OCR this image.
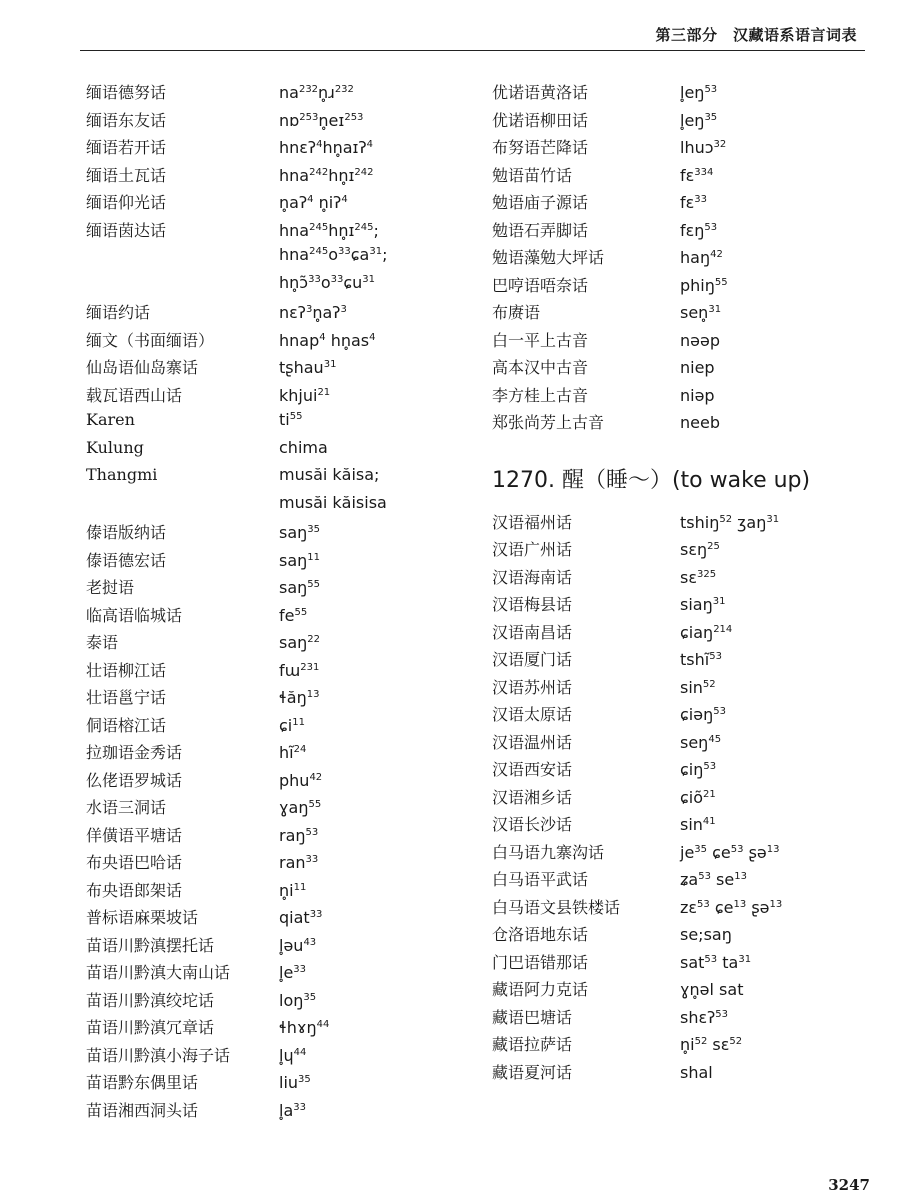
第三部分　汉藏语系语言词表
缅语德努话	$na^{232}n̥ɹ^{232}$
缅语东友话	nɒ$^{253}$n̥eɪ$^{253}$
缅语若开话	hnɛʔ$^4$hn̥aɪʔ$^4$
缅语土瓦话	hna$^{242}$hn̥ɪ$^{242}$
缅语仰光话	n̥aʔ$^4$ n̥iʔ$^4$
缅语茵达话	hna$^{245}$hn̥ɪ$^{245}$;
$hna^{245}o^{33}ɕa^{31}$;
$hn̥ɔ̃^{33}o^{33}ɕu^{31}$
缅语约话	nɛʔ$^3$n̥aʔ$^3$
缅文（书面缅语）	hnap$^4$ $hn̥as^4$
仙岛语仙岛寨话	tʂhau$^{31}$
载瓦语西山话	khjui$^{21}$
Karen	$ti^{55}$
Kulung	chima
Thangmi	musăi kăisa;
musăi kăisisa
傣语版纳话	saŋ$^{35}$
傣语德宏话	saŋ$^{11}$
老挝语	saŋ$^{55}$
临高语临城话	$fe^{55}$
泰语	saŋ$^{22}$
壮语柳江话	fɯ$^{231}$
壮语邕宁话	ɬăŋ$^{13}$
侗语榕江话	ɕi$^{11}$
拉珈语金秀话	$hĩ^{24}$
仫佬语罗城话	phu$^{42}$
水语三洞话	ɣaŋ$^{55}$
佯僙语平塘话	raŋ$^{53}$
布央语巴哈话	ran$^{33}$
布央语郎架话	$n̥i^{11}$
普标语麻栗坡话	qiat$^{33}$
苗语川黔滇摆托话	l̥əu$^{43}$
苗语川黔滇大南山话	$l̥e^{33}$
苗语川黔滇绞坨话	loŋ$^{35}$
苗语川黔滇冗章话	ɬhɤŋ$^{44}$
苗语川黔滇小海子话	l̥ɥ$^{44}$
苗语黔东偶里话	liu$^{35}$
苗语湘西洞头话	$l̥a^{33}$
优诺语黄洛话	$l̥eŋ^{53}$
优诺语柳田话	$l̥eŋ^{35}$
布努语芒降话	lhuɔ$^{32}$
勉语苗竹话	fɛ$^{334}$
勉语庙子源话	fɛ$^{33}$
勉语石弄脚话	fɛŋ$^{53}$
勉语藻勉大坪话	haŋ$^{42}$
巴哼语唔奈话	phiŋ$^{55}$
布赓语	sen̥$^{31}$
白一平上古音	nəəp
高本汉中古音	niep
李方桂上古音	niəp
郑张尚芳上古音	neeb
1270. 醒（睡～）(to wake up)
汉语福州话	tshiŋ$^{52}$ ʒaŋ$^{31}$
汉语广州话	sɛŋ$^{25}$
汉语海南话	sɛ$^{325}$
汉语梅县话	siaŋ$^{31}$
汉语南昌话	ɕiaŋ$^{214}$
汉语厦门话	tshĩ$^{53}$
汉语苏州话	$\sin^{52}$
汉语太原话	ɕiəŋ$^{53}$
汉语温州话	seŋ$^{45}$
汉语西安话	ɕiŋ$^{53}$
汉语湘乡话	ɕiõ$^{21}$
汉语长沙话	$\sin^{41}$
白马语九寨沟话	$je^{35}$ ɕe$^{53}$ ʂə$^{13}$
白马语平武话	ʑa$^{53}$ $se^{13}$
白马语文县铁楼话	zɛ$^{53}$ ɕe$^{13}$ ʂə$^{13}$
仓洛语地东话	se;saŋ
门巴语错那话	sat$^{53}$ $ta^{31}$
藏语阿力克话	ɣn̥əl sat
藏语巴塘话	shɛʔ$^{53}$
藏语拉萨话	$n̥i^{52}$ sɛ$^{52}$
藏语夏河话	shal
3247
